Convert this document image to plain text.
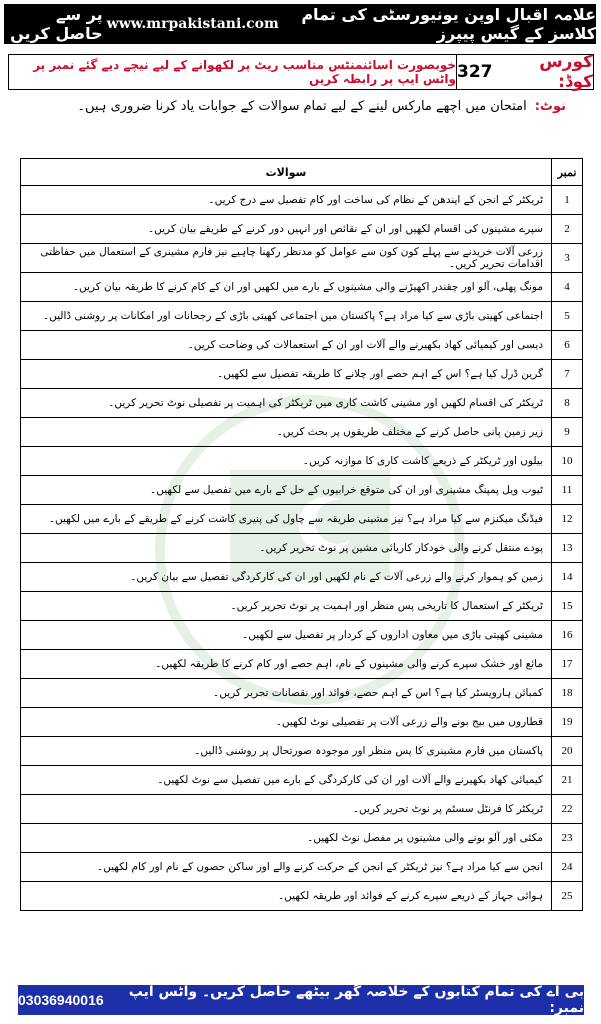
علامہ اقبال اوپن یونیورسٹی کی تمام کلاسز کے گیس پیپرز
www.mrpakistani.com
پر سے حاصل کریں
کورس کوڈ:
327
خوبصورت اسائنمنٹس مناسب ریٹ پر لکھوانے کے لیے نیچے دیے گئے نمبر پر واٹس ایپ پر رابطہ کریں
نوٹ:
امتحان میں اچھے مارکس لینے کے لیے تمام سوالات کے جوابات یاد کرنا ضروری ہیں۔
نمبر	سوالات
1	ٹریکٹر کے انجن کے ایندھن کے نظام کی ساخت اور کام تفصیل سے درج کریں۔
2	سپرے مشینوں کی اقسام لکھیں اور ان کے نقائص اور انہیں دور کرنے کے طریقے بیان کریں۔
3	زرعی آلات خریدنے سے پہلے کون کون سے عوامل کو مدنظر رکھنا چاہیے نیز فارم مشینری کے استعمال میں حفاظتی اقدامات تحریر کریں۔
4	مونگ پھلی، آلو اور چقندر اکھیڑنے والی مشینوں کے بارے میں لکھیں اور ان کے کام کرنے کا طریقہ بیان کریں۔
5	اجتماعی کھیتی باڑی سے کیا مراد ہے؟ پاکستان میں اجتماعی کھیتی باڑی کے رجحانات اور امکانات پر روشنی ڈالیں۔
6	دیسی اور کیمیائی کھاد بکھیرنے والے آلات اور ان کے استعمالات کی وضاحت کریں۔
7	گرین ڈرل کیا ہے؟ اس کے اہم حصے اور چلانے کا طریقہ تفصیل سے لکھیں۔
8	ٹریکٹر کی اقسام لکھیں اور مشینی کاشت کاری میں ٹریکٹر کی اہمیت پر تفصیلی نوٹ تحریر کریں۔
9	زیر زمین پانی حاصل کرنے کے مختلف طریقوں پر بحث کریں۔
10	بیلوں اور ٹریکٹر کے ذریعے کاشت کاری کا موازنہ کریں۔
11	ٹیوب ویل پمپنگ مشینری اور ان کی متوقع خرابیوں کے حل کے بارے میں تفصیل سے لکھیں۔
12	فیڈنگ میکنزم سے کیا مراد ہے؟ نیز مشینی طریقہ سے چاول کی پنیری کاشت کرنے کے طریقے کے بارے میں لکھیں۔
13	پودے منتقل کرنے والی خودکار کاریائی مشین پر نوٹ تحریر کریں۔
14	زمین کو ہموار کرنے والے زرعی آلات کے نام لکھیں اور ان کی کارکردگی تفصیل سے بیان کریں۔
15	ٹریکٹر کے استعمال کا تاریخی پس منظر اور اہمیت پر نوٹ تحریر کریں۔
16	مشینی کھیتی باڑی میں معاون اداروں کے کردار پر تفصیل سے لکھیں۔
17	مائع اور خشک سپرے کرنے والی مشینوں کے نام، اہم حصے اور کام کرنے کا طریقہ لکھیں۔
18	کمبائن ہارویسٹر کیا ہے؟ اس کے اہم حصے، فوائد اور نقصانات تحریر کریں۔
19	قطاروں میں بیج بونے والے زرعی آلات پر تفصیلی نوٹ لکھیں۔
20	پاکستان میں فارم مشینری کا پس منظر اور موجودہ صورتحال پر روشنی ڈالیں۔
21	کیمیائی کھاد بکھیرنے والے آلات اور ان کی کارکردگی کے بارے میں تفصیل سے نوٹ لکھیں۔
22	ٹریکٹر کا فرنٹل سسٹم پر نوٹ تحریر کریں۔
23	مکئی اور آلو بونے والی مشینوں پر مفصل نوٹ لکھیں۔
24	انجن سے کیا مراد ہے؟ نیز ٹریکٹر کے انجن کے حرکت کرنے والے اور ساکن حصوں کے نام اور کام لکھیں۔
25	ہوائی جہاز کے ذریعے سپرے کرنے کے فوائد اور طریقہ لکھیں۔
بی اے کی تمام کتابوں کے خلاصہ گھر بیٹھے حاصل کریں۔ واٹس ایپ نمبر:
03036940016
